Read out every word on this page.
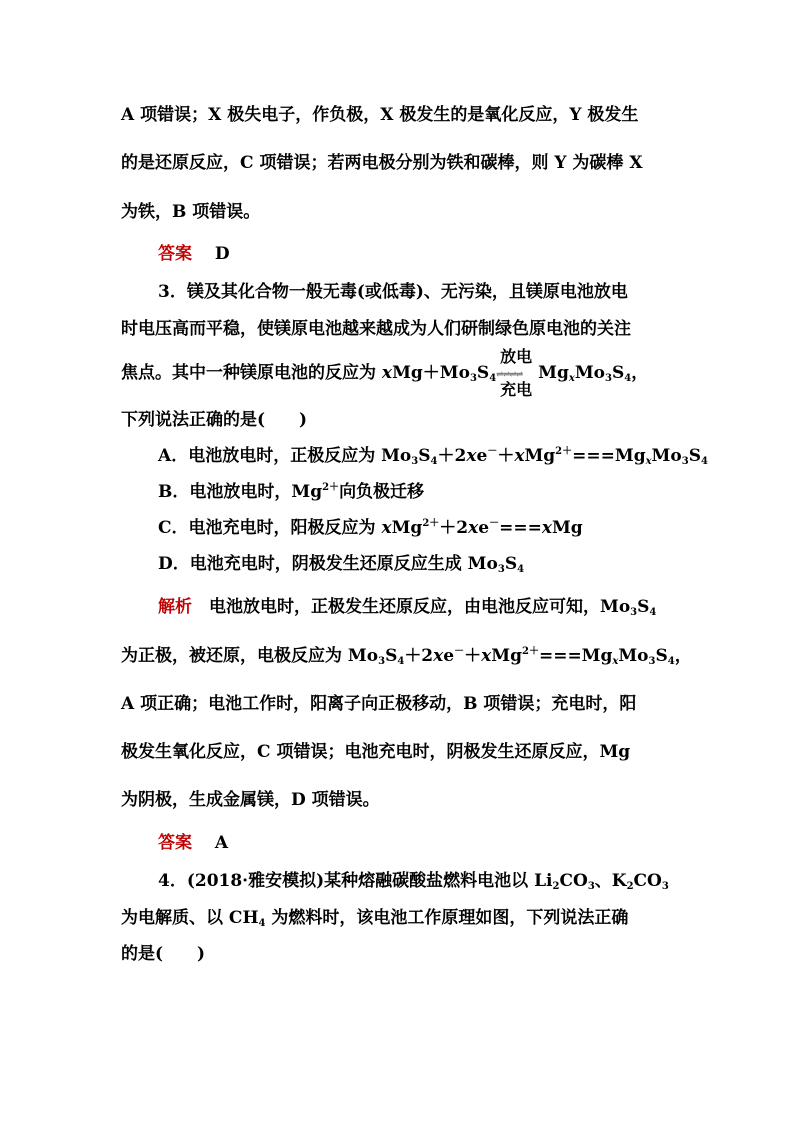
A 项错误；X 极失电子，作负极，X 极发生的是氧化反应，Y 极发生
的是还原反应，C 项错误；若两电极分别为铁和碳棒，则 Y 为碳棒 X
为铁，B 项错误。
答案　 D
3．镁及其化合物一般无毒(或低毒)、无污染，且镁原电池放电
时电压高而平稳，使镁原电池越来越成为人们研制绿色原电池的关注
焦点。其中一种镁原电池的反应为 $xMg+Mo_3S_4$
放电
⇌⇌⇌⇌
充电
$Mg_xMo_3S_4$，
下列说法正确的是(　　)
A．电池放电时，正极反应为 $Mo_3S_4+2xe^-+xMg^{2+}===Mg_xMo_3S_4$
B．电池放电时，$Mg^{2+}$向负极迁移
C．电池充电时，阳极反应为 xMg$^{2+}$＋2xe－===xMg
D．电池充电时，阴极发生还原反应生成 $Mo_3S_4$
解析　电池放电时，正极发生还原反应，由电池反应可知，$Mo_3S_4$
为正极，被还原，电极反应为 $Mo_3S_4+2xe^-+xMg^{2+}===Mg_xMo_3S_4$，
A 项正确；电池工作时，阳离子向正极移动，B 项错误；充电时，阳
极发生氧化反应，C 项错误；电池充电时，阴极发生还原反应，Mg
为阴极，生成金属镁，D 项错误。
答案　 A
4．(2018·雅安模拟)某种熔融碳酸盐燃料电池以 $Li_2CO_3$、$K_2CO_3$
为电解质、以 $CH_4$ 为燃料时，该电池工作原理如图，下列说法正确
的是(　　)
